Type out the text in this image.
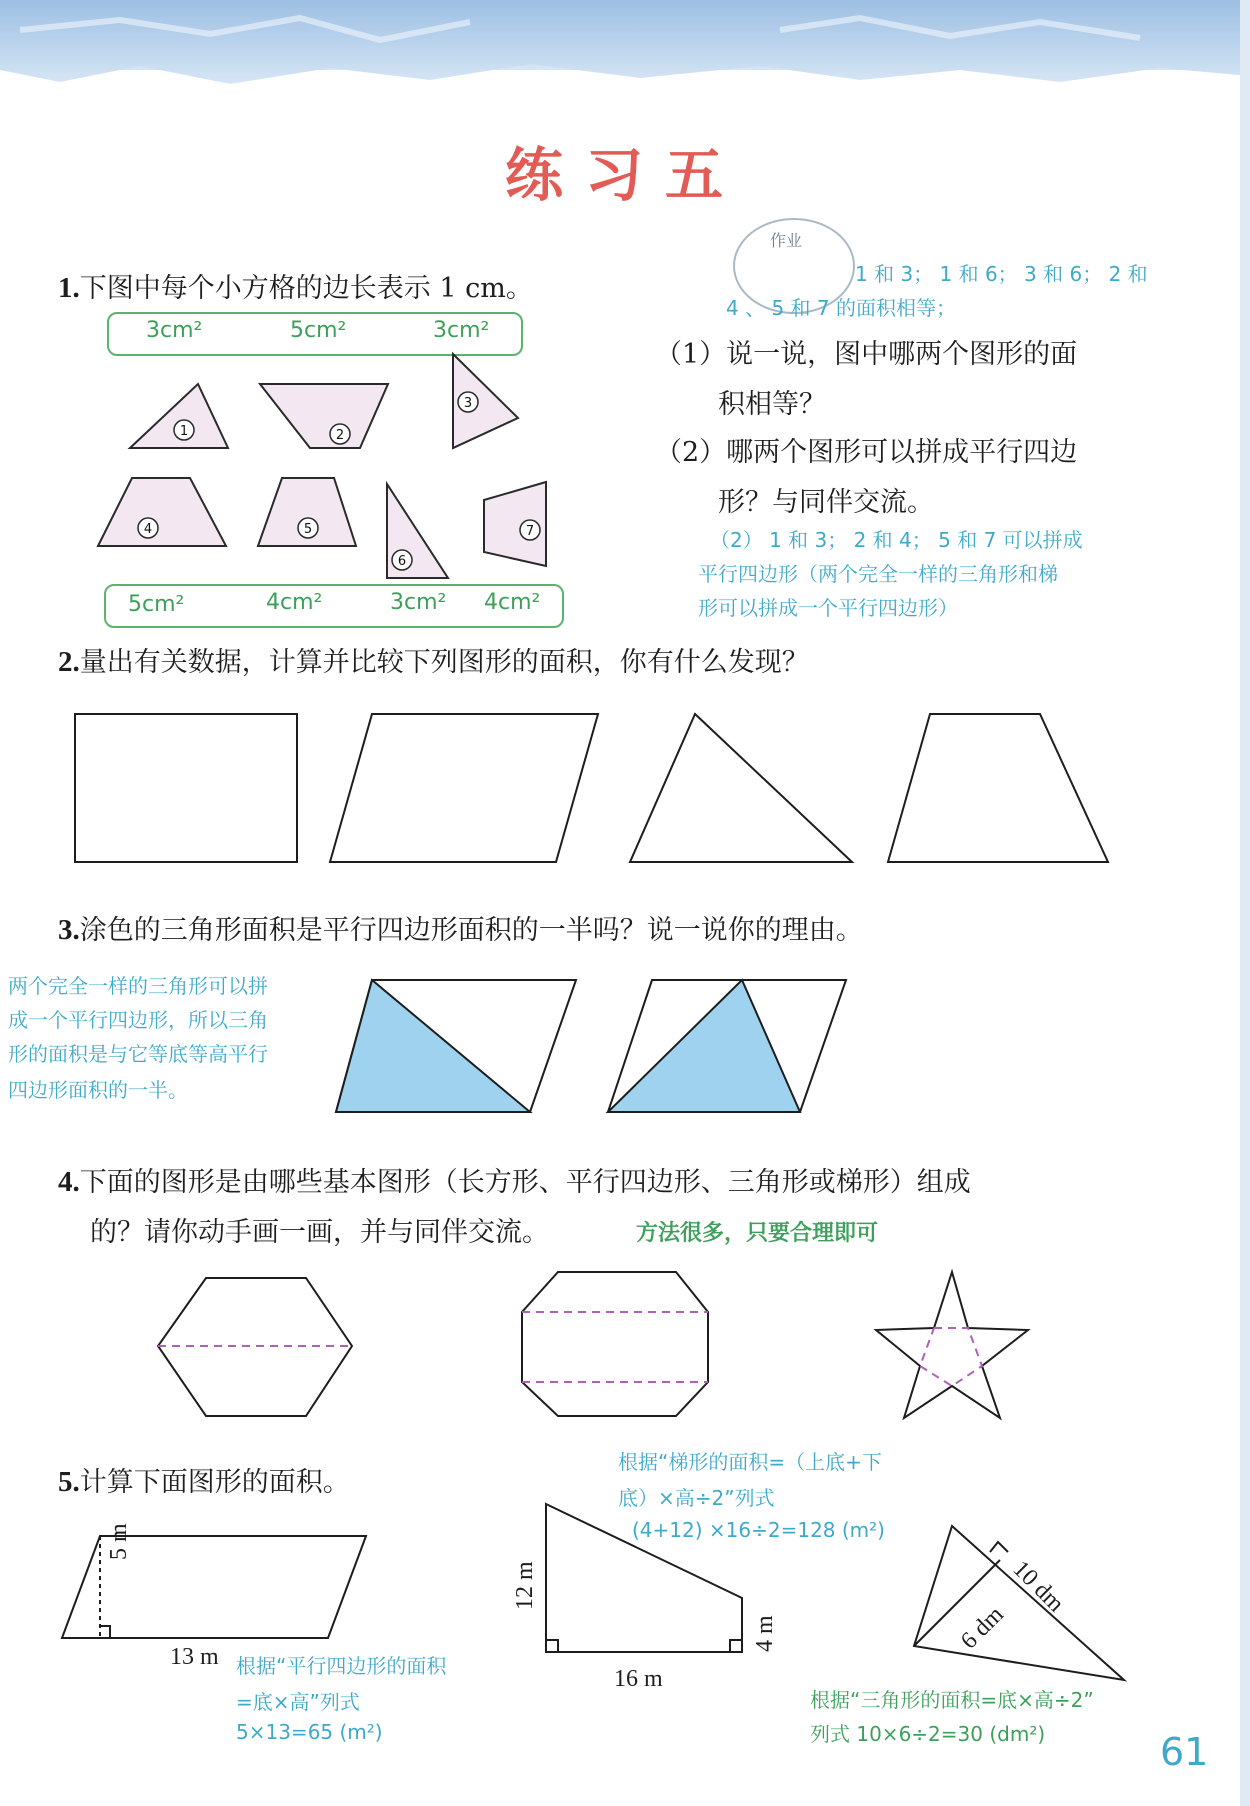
练习五
1.下图中每个小方格的边长表示 1 cm。
作业
1 和 3； 1 和 6； 3 和 6； 2 和
4 、 5 和 7 的面积相等；
3cm²	5cm²	3cm²
（1）说一说，图中哪两个图形的面
积相等？
（2）哪两个图形可以拼成平行四边
形？与同伴交流。
（2） 1 和 3； 2 和 4； 5 和 7 可以拼成
平行四边形（两个完全一样的三角形和梯
形可以拼成一个平行四边形）
5cm²	4cm²	3cm² 4cm²
1	2
3
4	5
6
7
2.量出有关数据，计算并比较下列图形的面积，你有什么发现？
3.涂色的三角形面积是平行四边形面积的一半吗？说一说你的理由。
两个完全一样的三角形可以拼
成一个平行四边形，所以三角
形的面积是与它等底等高平行
四边形面积的一半。
4.下面的图形是由哪些基本图形（长方形、平行四边形、三角形或梯形）组成
的？请你动手画一画，并与同伴交流。	方法很多，只要合理即可
5.计算下面图形的面积。
根据“梯形的面积=（上底+下
底）×高÷2”列式
(4+12) ×16÷2=128 (m²)
5 m
13 m
12 m
4 m
16 m
10 dm
6 dm
根据“平行四边形的面积
=底×高”列式
5×13=65 (m²)
根据“三角形的面积=底×高÷2”
列式 10×6÷2=30 (dm²)	61
